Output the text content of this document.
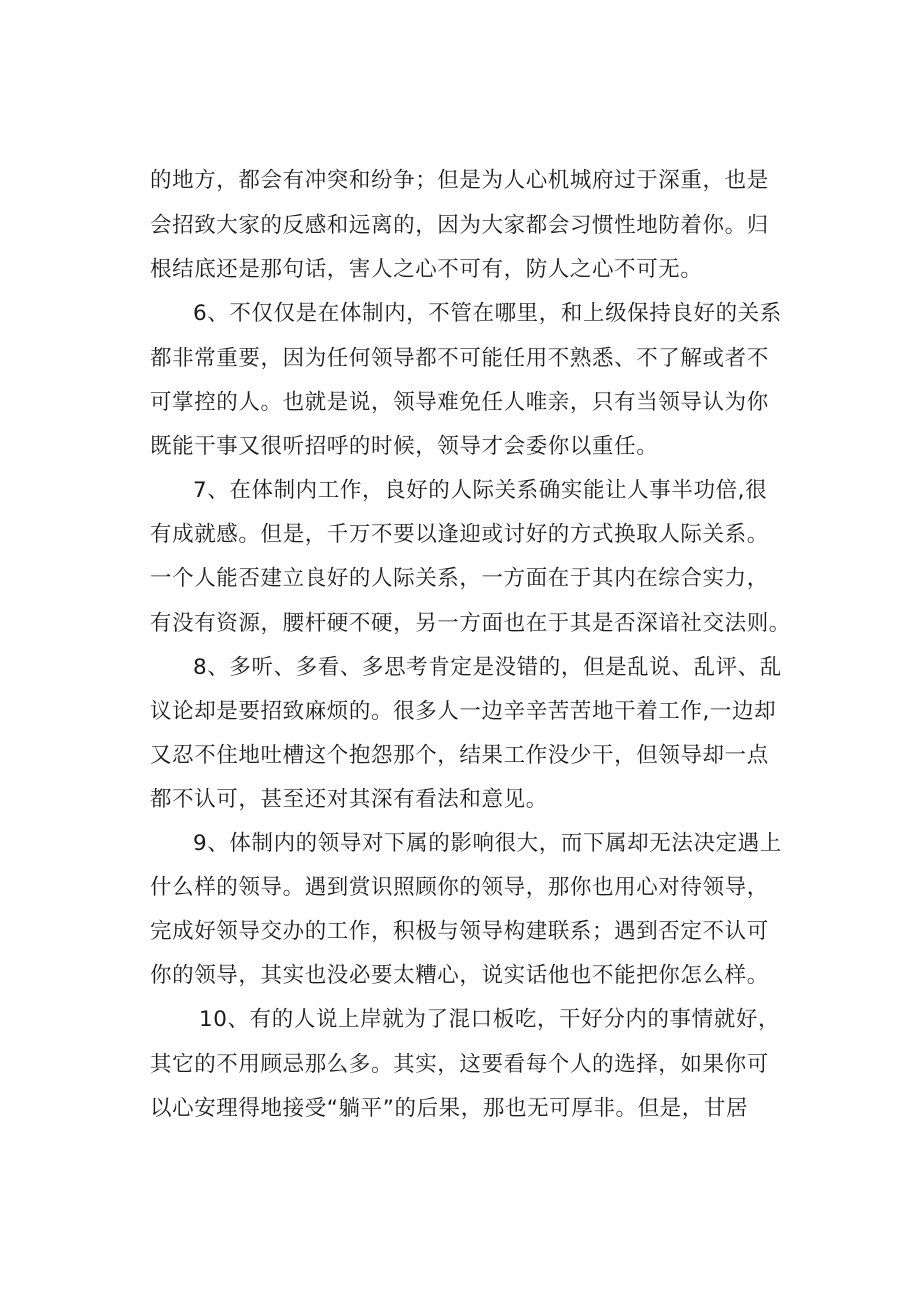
的地方，都会有冲突和纷争；但是为人心机城府过于深重，也是
会招致大家的反感和远离的，因为大家都会习惯性地防着你。归
根结底还是那句话，害人之心不可有，防人之心不可无。
6、不仅仅是在体制内，不管在哪里，和上级保持良好的关系
都非常重要，因为任何领导都不可能任用不熟悉、不了解或者不
可掌控的人。也就是说，领导难免任人唯亲，只有当领导认为你
既能干事又很听招呼的时候，领导才会委你以重任。
7、在体制内工作，良好的人际关系确实能让人事半功倍,很
有成就感。但是，千万不要以逢迎或讨好的方式换取人际关系。
一个人能否建立良好的人际关系，一方面在于其内在综合实力，
有没有资源，腰杆硬不硬，另一方面也在于其是否深谙社交法则。
8、多听、多看、多思考肯定是没错的，但是乱说、乱评、乱
议论却是要招致麻烦的。很多人一边辛辛苦苦地干着工作,一边却
又忍不住地吐槽这个抱怨那个，结果工作没少干，但领导却一点
都不认可，甚至还对其深有看法和意见。
9、体制内的领导对下属的影响很大，而下属却无法决定遇上
什么样的领导。遇到赏识照顾你的领导，那你也用心对待领导，
完成好领导交办的工作，积极与领导构建联系；遇到否定不认可
你的领导，其实也没必要太糟心，说实话他也不能把你怎么样。
10、有的人说上岸就为了混口板吃，干好分内的事情就好，
其它的不用顾忌那么多。其实，这要看每个人的选择，如果你可
以心安理得地接受“躺平”的后果，那也无可厚非。但是，甘居
